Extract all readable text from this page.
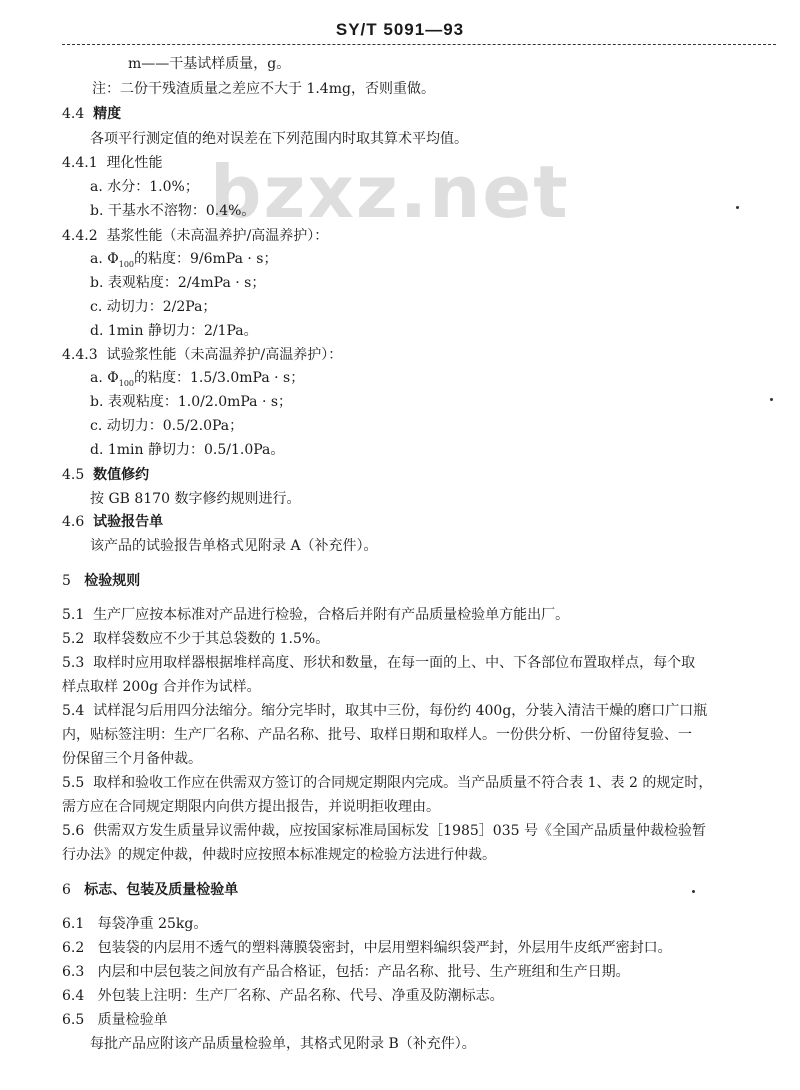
SY/T 5091—93
bzxz.net
m——干基试样质量，g。
注：二份干残渣质量之差应不大于 1.4mg，否则重做。
4.4 精度
各项平行测定值的绝对误差在下列范围内时取其算术平均值。
4.4.1 理化性能
a. 水分：1.0%；
b. 干基水不溶物：0.4%。
4.4.2 基浆性能（未高温养护/高温养护）：
a. $\Phi_{100}$的粘度：9/6mPa · s；
b. 表观粘度：2/4mPa · s；
c. 动切力：2/2Pa；
d. 1min 静切力：2/1Pa。
4.4.3 试验浆性能（未高温养护/高温养护）：
a. $\Phi_{100}$的粘度：1.5/3.0mPa · s；
b. 表观粘度：1.0/2.0mPa · s；
c. 动切力：0.5/2.0Pa；
d. 1min 静切力：0.5/1.0Pa。
4.5 数值修约
按 GB 8170 数字修约规则进行。
4.6 试验报告单
该产品的试验报告单格式见附录 A（补充件）。
5 检验规则
5.1 生产厂应按本标准对产品进行检验，合格后并附有产品质量检验单方能出厂。
5.2 取样袋数应不少于其总袋数的 1.5%。
5.3 取样时应用取样器根据堆样高度、形状和数量，在每一面的上、中、下各部位布置取样点，每个取
样点取样 200g 合并作为试样。
5.4 试样混匀后用四分法缩分。缩分完毕时，取其中三份，每份约 400g，分装入清洁干燥的磨口广口瓶
内，贴标签注明：生产厂名称、产品名称、批号、取样日期和取样人。一份供分析、一份留待复验、一
份保留三个月备仲裁。
5.5 取样和验收工作应在供需双方签订的合同规定期限内完成。当产品质量不符合表 1、表 2 的规定时，
需方应在合同规定期限内向供方提出报告，并说明拒收理由。
5.6 供需双方发生质量异议需仲裁，应按国家标准局国标发［1985］035 号《全国产品质量仲裁检验暂
行办法》的规定仲裁，仲裁时应按照本标准规定的检验方法进行仲裁。
6 标志、包装及质量检验单
6.1 每袋净重 25kg。
6.2 包装袋的内层用不透气的塑料薄膜袋密封，中层用塑料编织袋严封，外层用牛皮纸严密封口。
6.3 内层和中层包装之间放有产品合格证，包括：产品名称、批号、生产班组和生产日期。
6.4 外包装上注明：生产厂名称、产品名称、代号、净重及防潮标志。
6.5 质量检验单
每批产品应附该产品质量检验单，其格式见附录 B（补充件）。
